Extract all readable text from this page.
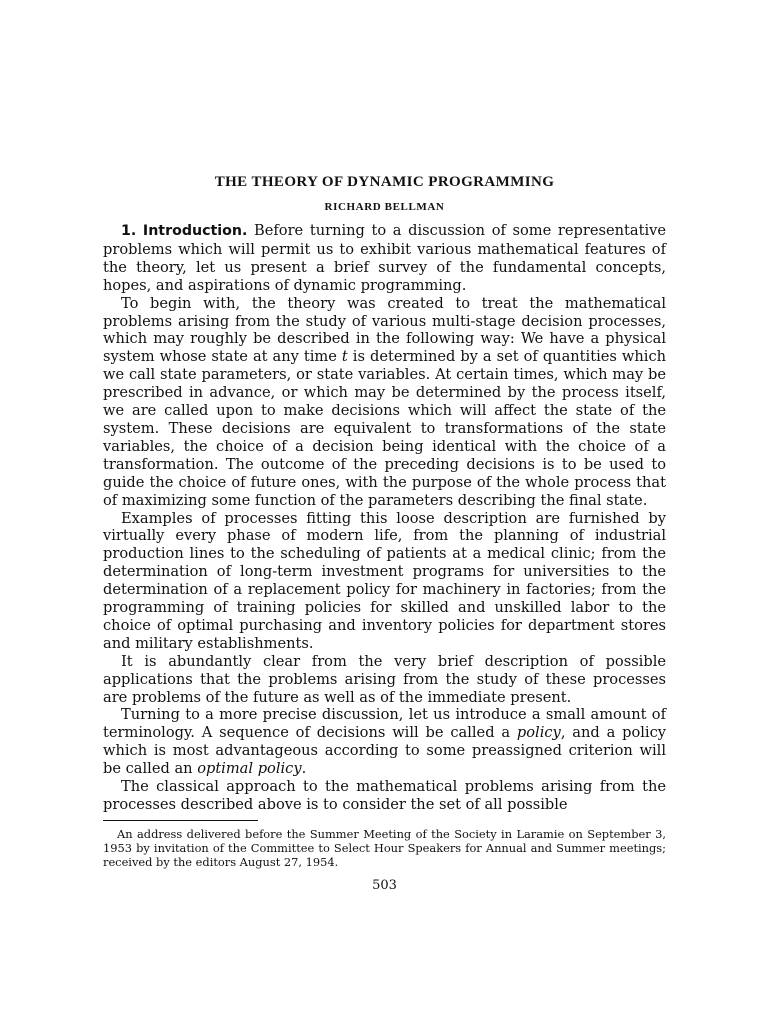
THE THEORY OF DYNAMIC PROGRAMMING
RICHARD BELLMAN

1. Introduction. Before turning to a discussion of some representative problems which will permit us to exhibit various mathematical features of the theory, let us present a brief survey of the fundamental concepts, hopes, and aspirations of dynamic programming.

To begin with, the theory was created to treat the mathematical problems arising from the study of various multi-stage decision processes, which may roughly be described in the following way: We have a physical system whose state at any time t is determined by a set of quantities which we call state parameters, or state variables. At certain times, which may be prescribed in advance, or which may be determined by the process itself, we are called upon to make decisions which will affect the state of the system. These decisions are equivalent to transformations of the state variables, the choice of a decision being identical with the choice of a transformation. The outcome of the preceding decisions is to be used to guide the choice of future ones, with the purpose of the whole process that of maximizing some function of the parameters describing the final state.

Examples of processes fitting this loose description are furnished by virtually every phase of modern life, from the planning of industrial production lines to the scheduling of patients at a medical clinic; from the determination of long-term investment programs for universities to the determination of a replacement policy for machinery in factories; from the programming of training policies for skilled and unskilled labor to the choice of optimal purchasing and inventory policies for department stores and military establishments.

It is abundantly clear from the very brief description of possible applications that the problems arising from the study of these processes are problems of the future as well as of the immediate present.

Turning to a more precise discussion, let us introduce a small amount of terminology. A sequence of decisions will be called a policy, and a policy which is most advantageous according to some preassigned criterion will be called an optimal policy.

The classical approach to the mathematical problems arising from the processes described above is to consider the set of all possible

An address delivered before the Summer Meeting of the Society in Laramie on September 3, 1953 by invitation of the Committee to Select Hour Speakers for Annual and Summer meetings; received by the editors August 27, 1954.

503
